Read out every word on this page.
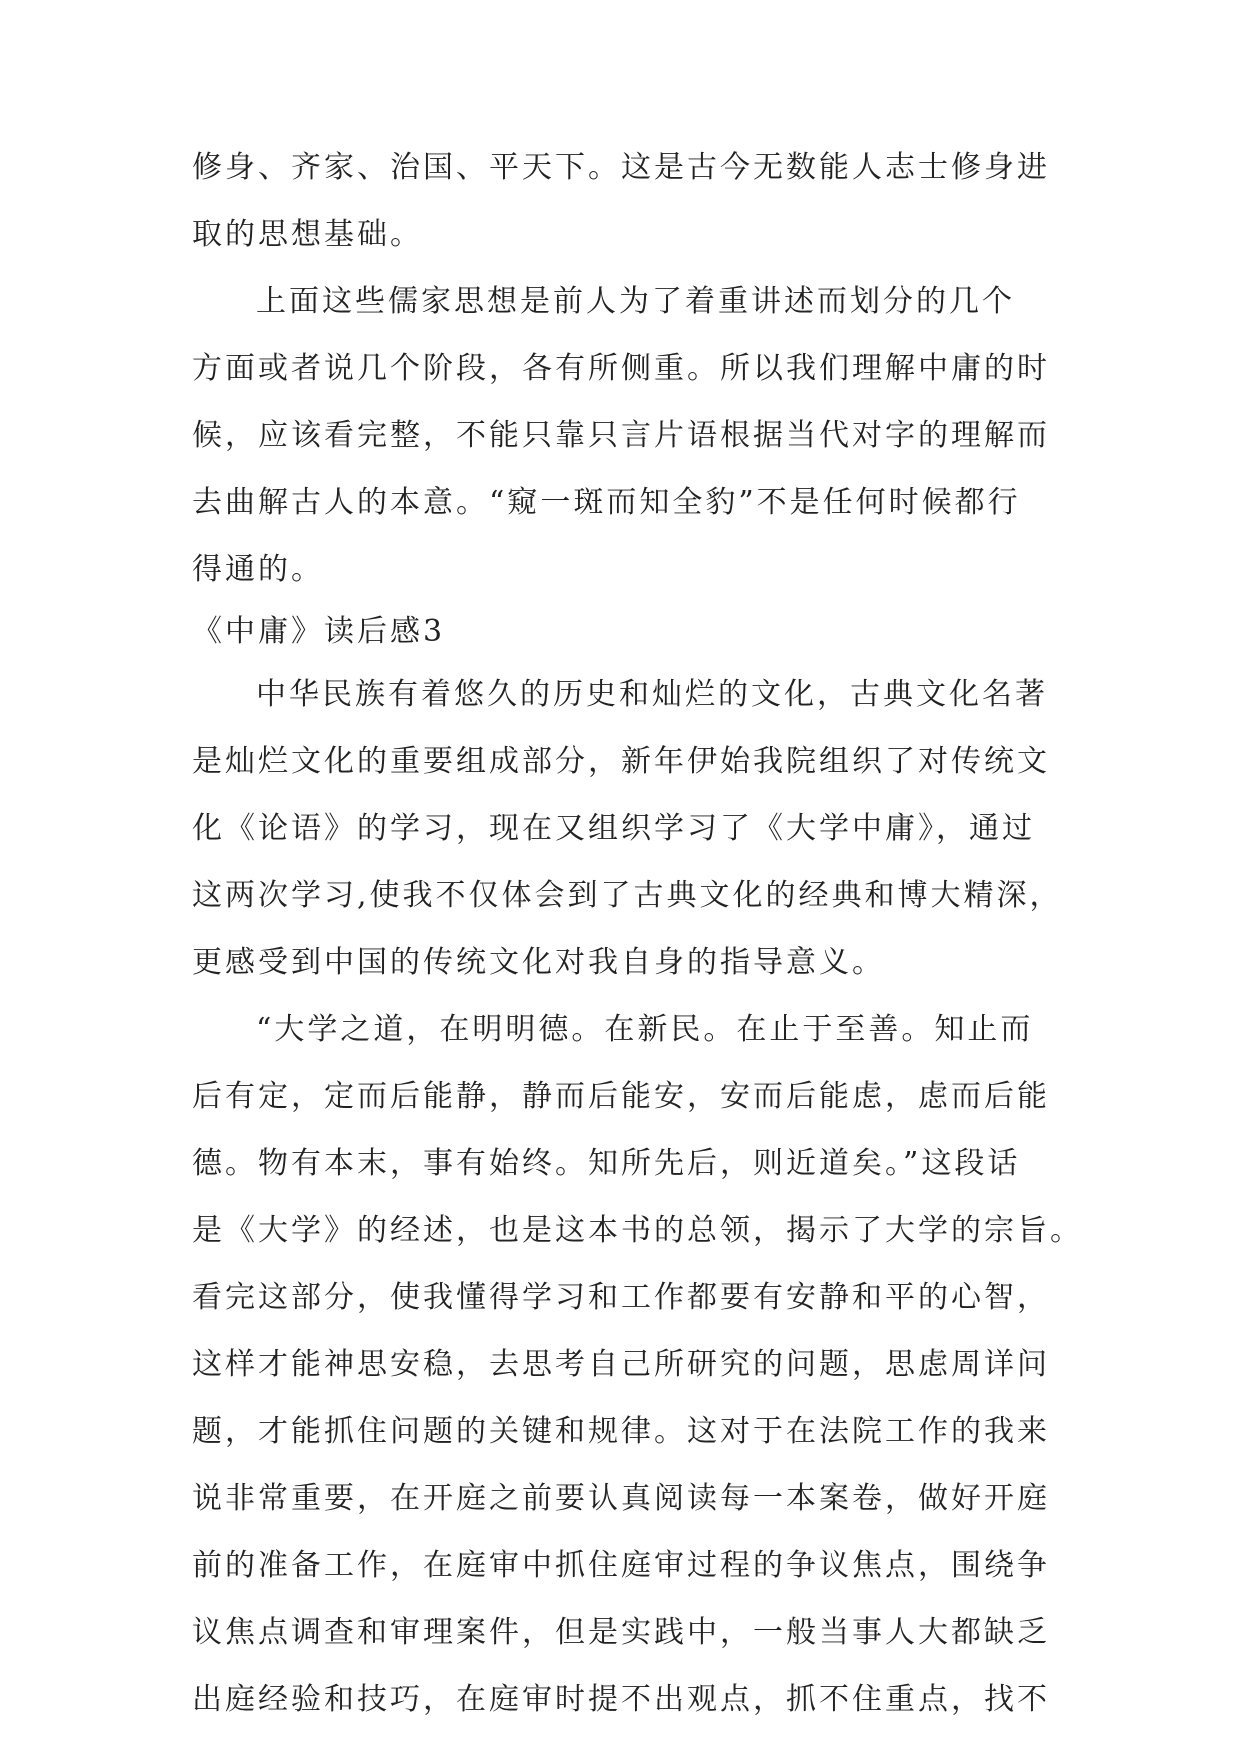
修身、齐家、治国、平天下。这是古今无数能人志士修身进
取的思想基础。
上面这些儒家思想是前人为了着重讲述而划分的几个
方面或者说几个阶段，各有所侧重。所以我们理解中庸的时
候，应该看完整，不能只靠只言片语根据当代对字的理解而
去曲解古人的本意。“窥一斑而知全豹”不是任何时候都行
得通的。
《中庸》读后感3
中华民族有着悠久的历史和灿烂的文化，古典文化名著
是灿烂文化的重要组成部分，新年伊始我院组织了对传统文
化《论语》的学习，现在又组织学习了《大学中庸》，通过
这两次学习,使我不仅体会到了古典文化的经典和博大精深，
更感受到中国的传统文化对我自身的指导意义。
“大学之道，在明明德。在新民。在止于至善。知止而
后有定，定而后能静，静而后能安，安而后能虑，虑而后能
德。物有本末，事有始终。知所先后，则近道矣。”这段话
是《大学》的经述，也是这本书的总领，揭示了大学的宗旨。
看完这部分，使我懂得学习和工作都要有安静和平的心智，
这样才能神思安稳，去思考自己所研究的问题，思虑周详问
题，才能抓住问题的关键和规律。这对于在法院工作的我来
说非常重要，在开庭之前要认真阅读每一本案卷，做好开庭
前的准备工作，在庭审中抓住庭审过程的争议焦点，围绕争
议焦点调查和审理案件，但是实践中，一般当事人大都缺乏
出庭经验和技巧，在庭审时提不出观点，抓不住重点，找不
